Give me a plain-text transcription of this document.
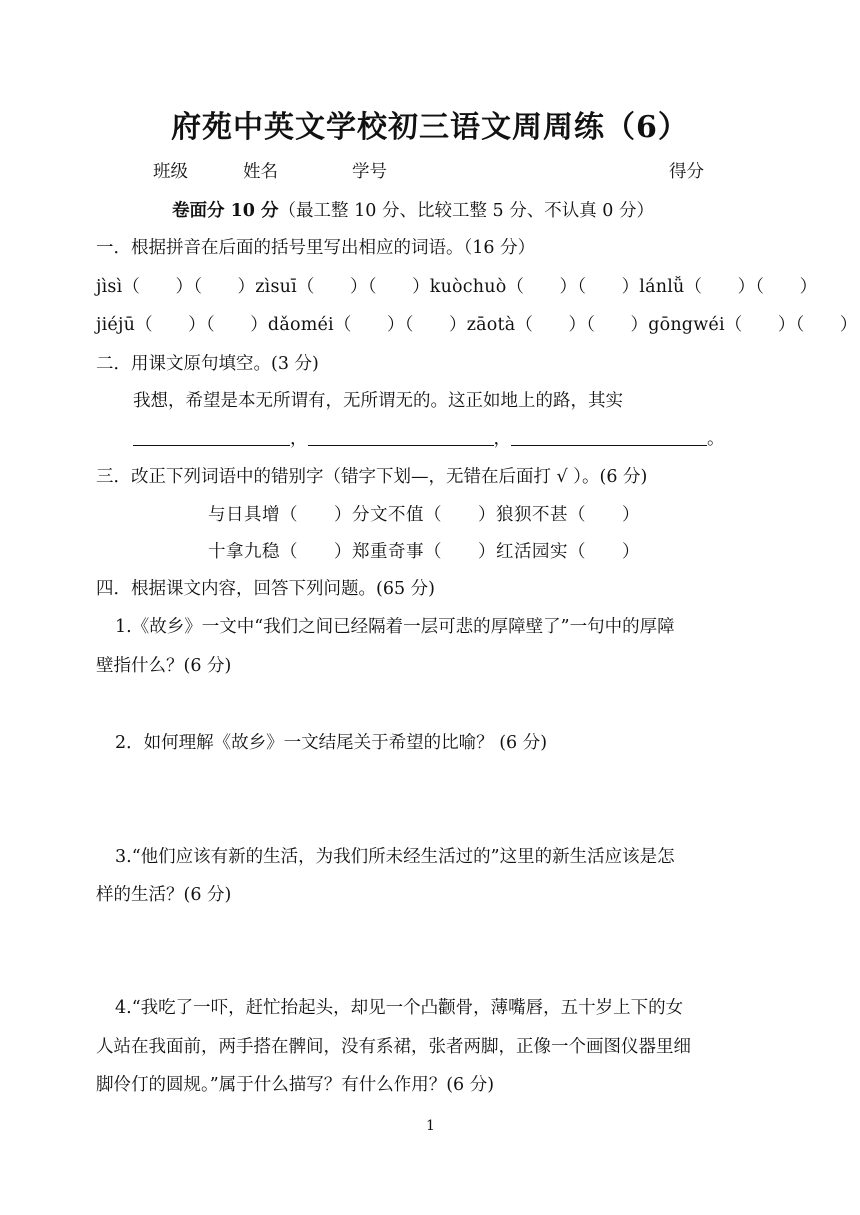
府苑中英文学校初三语文周周练（6）
班级	姓名	学号	得分
卷面分 10 分（最工整 10 分、比较工整 5 分、不认真 0 分）
一．根据拼音在后面的括号里写出相应的词语。（16 分）
jìsì（　　）（　　）zìsuī（　　）（　　）kuòchuò（　　）（　　）lánlǚ（　　）（　　）
jiéjū（　　）（　　）dǎoméi（　　）（　　）zāotà（　　）（　　）gōngwéi（　　）（　　）
二．用课文原句填空。(3 分)
我想，希望是本无所谓有，无所谓无的。这正如地上的路，其实
，	，	。
三．改正下列词语中的错别字（错字下划—，无错在后面打 √ ）。(6 分)
与日具增（　　）分文不值（　　）狼狈不甚（　　）
十拿九稳（　　）郑重奇事（　　）红活园实（　　）
四．根据课文内容，回答下列问题。(65 分)
1.《故乡》一文中“我们之间已经隔着一层可悲的厚障壁了”一句中的厚障
壁指什么？(6 分)
2．如何理解《故乡》一文结尾关于希望的比喻？ (6 分)
3.“他们应该有新的生活，为我们所未经生活过的”这里的新生活应该是怎
样的生活？(6 分)
4.“我吃了一吓，赶忙抬起头，却见一个凸颧骨，薄嘴唇，五十岁上下的女
人站在我面前，两手搭在髀间，没有系裙，张者两脚，正像一个画图仪器里细
脚伶仃的圆规。”属于什么描写？有什么作用？(6 分)
1
